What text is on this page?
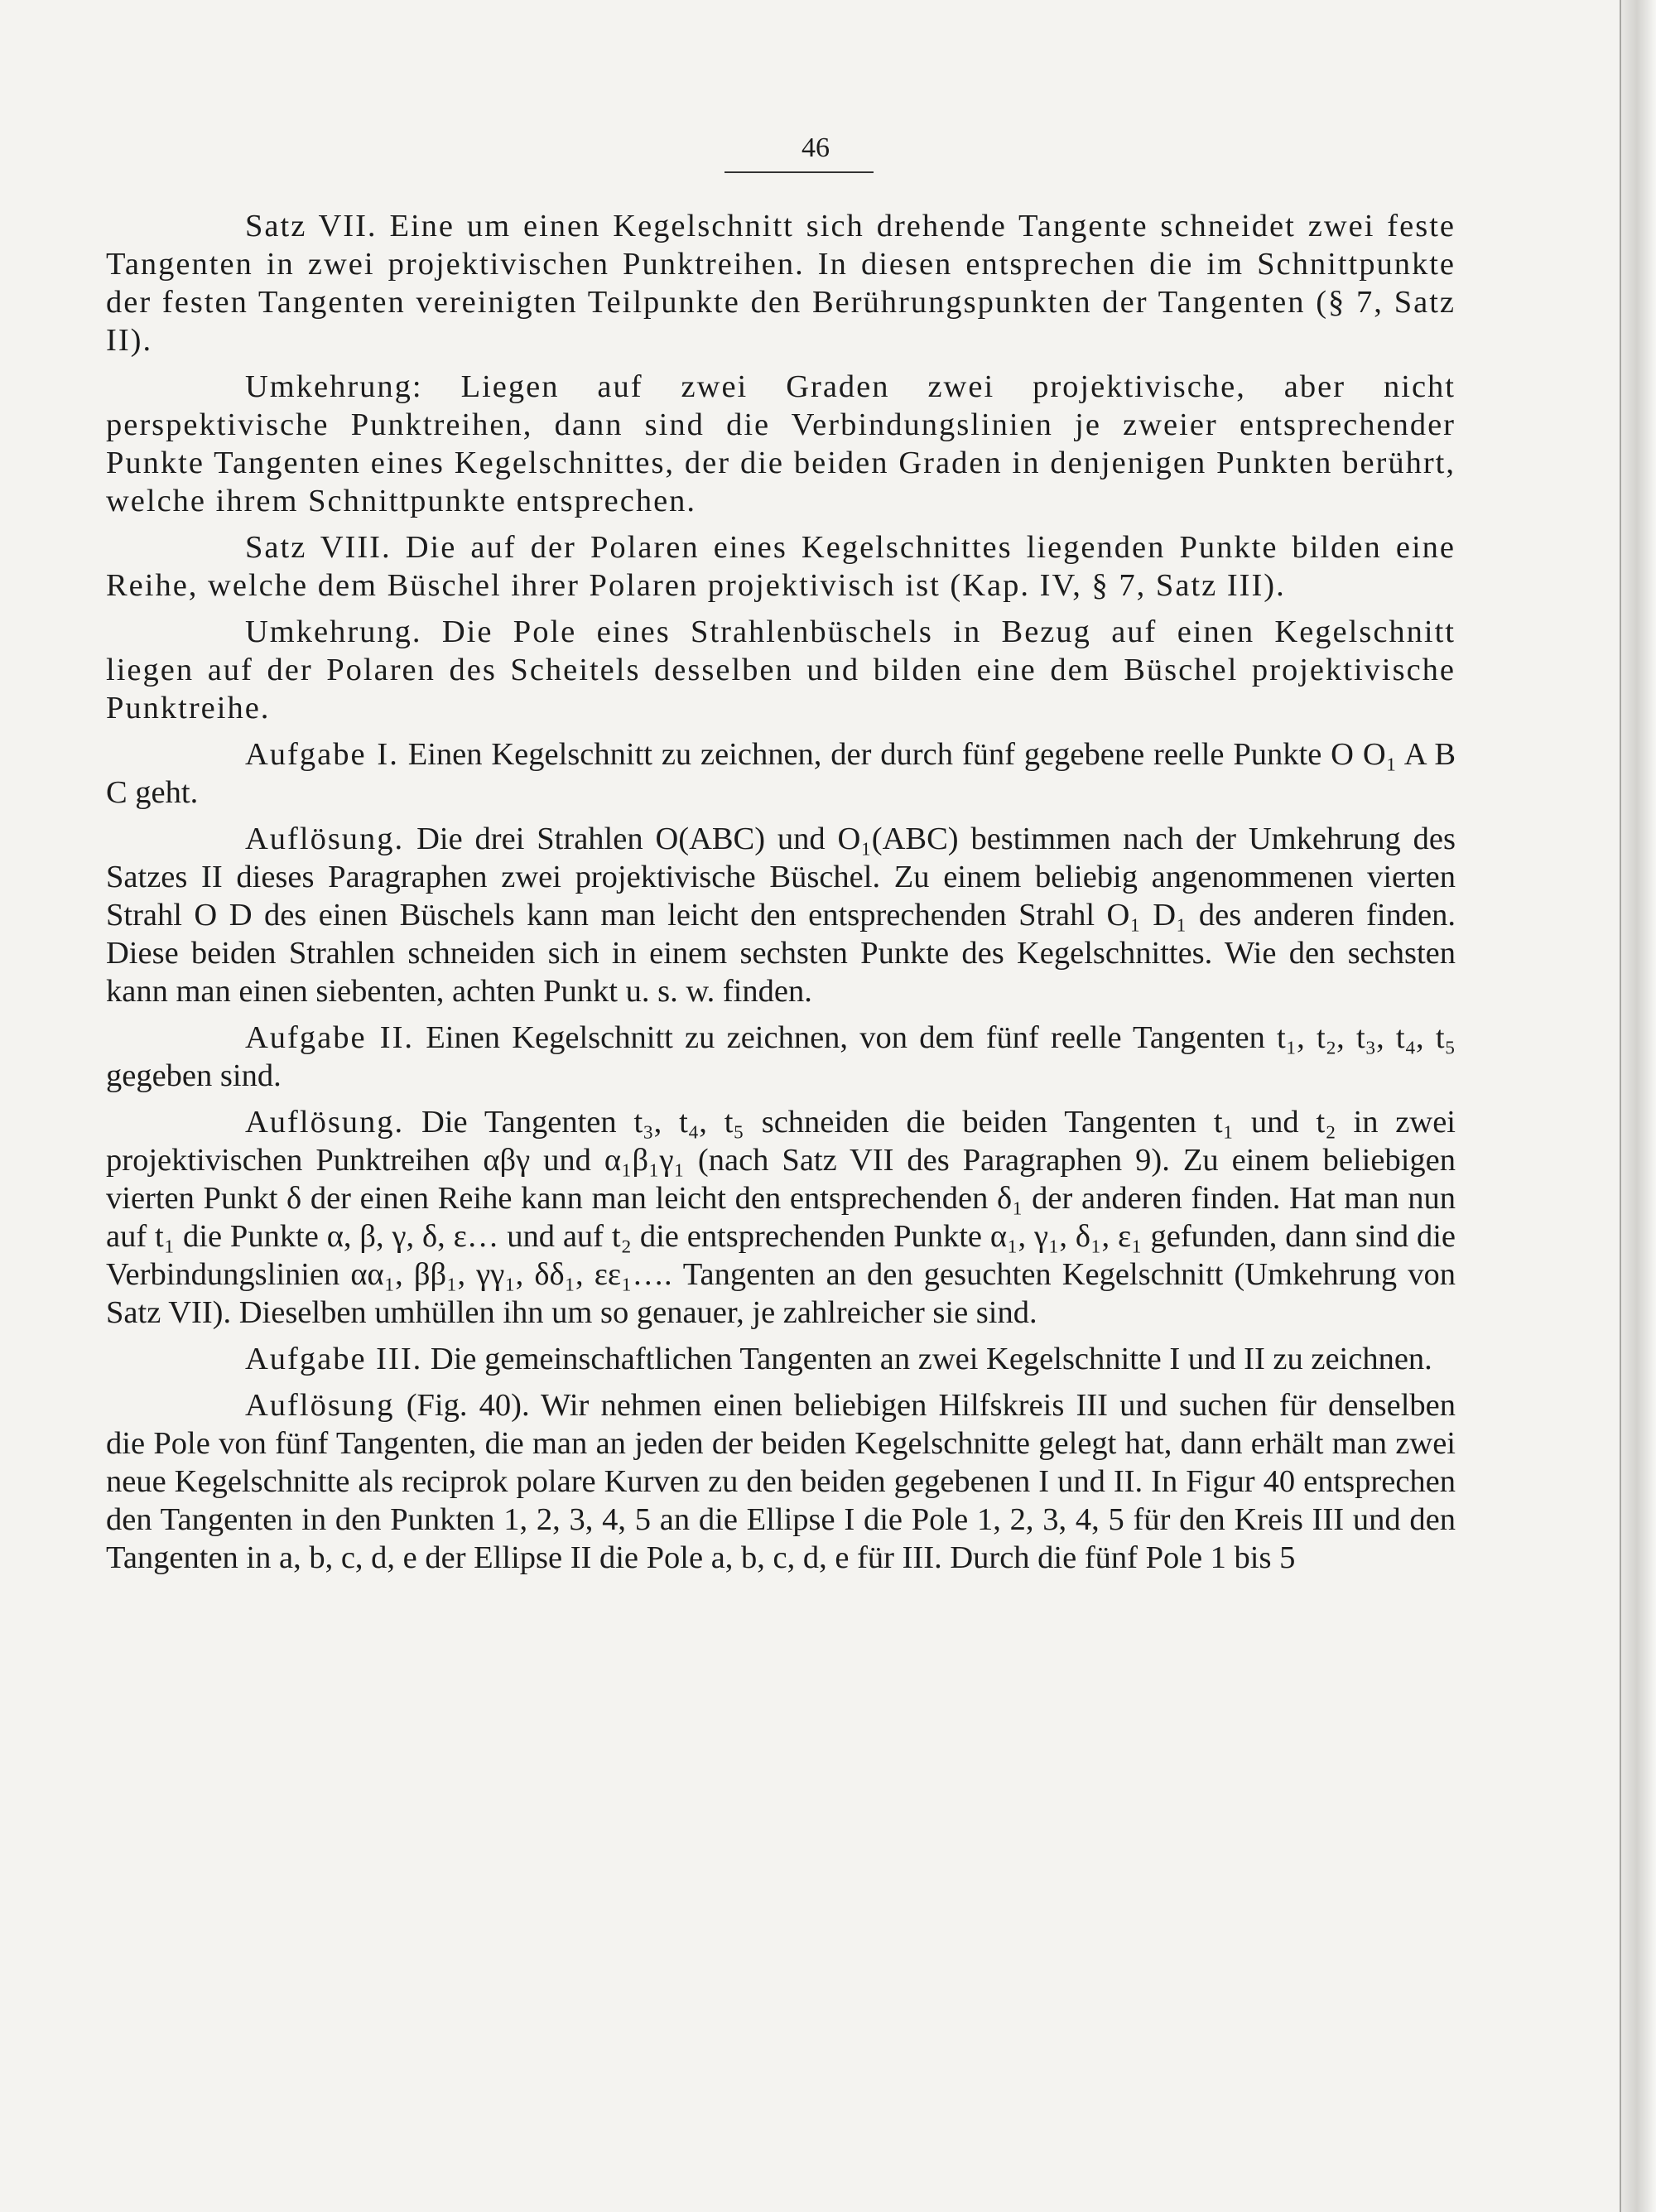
46

Satz VII. Eine um einen Kegelschnitt sich drehende Tangente schneidet zwei feste Tangenten in zwei projektivischen Punktreihen. In diesen entsprechen die im Schnittpunkte der festen Tangenten vereinigten Teilpunkte den Berührungspunkten der Tangenten (§ 7, Satz II).

Umkehrung: Liegen auf zwei Graden zwei projektivische, aber nicht perspektivische Punktreihen, dann sind die Verbindungslinien je zweier entsprechender Punkte Tangenten eines Kegelschnittes, der die beiden Graden in denjenigen Punkten berührt, welche ihrem Schnittpunkte entsprechen.

Satz VIII. Die auf der Polaren eines Kegelschnittes liegenden Punkte bilden eine Reihe, welche dem Büschel ihrer Polaren projektivisch ist (Kap. IV, § 7, Satz III).

Umkehrung. Die Pole eines Strahlenbüschels in Bezug auf einen Kegelschnitt liegen auf der Polaren des Scheitels desselben und bilden eine dem Büschel projektivische Punktreihe.

Aufgabe I. Einen Kegelschnitt zu zeichnen, der durch fünf gegebene reelle Punkte O O₁ A B C geht.

Auflösung. Die drei Strahlen O(ABC) und O₁(ABC) bestimmen nach der Umkehrung des Satzes II dieses Paragraphen zwei projektivische Büschel. Zu einem beliebig angenommenen vierten Strahl O D des einen Büschels kann man leicht den entsprechenden Strahl O₁ D₁ des anderen finden. Diese beiden Strahlen schneiden sich in einem sechsten Punkte des Kegelschnittes. Wie den sechsten kann man einen siebenten, achten Punkt u. s. w. finden.

Aufgabe II. Einen Kegelschnitt zu zeichnen, von dem fünf reelle Tangenten t₁, t₂, t₃, t₄, t₅ gegeben sind.

Auflösung. Die Tangenten t₃, t₄, t₅ schneiden die beiden Tangenten t₁ und t₂ in zwei projektivischen Punktreihen αβγ und α₁β₁γ₁ (nach Satz VII des Paragraphen 9). Zu einem beliebigen vierten Punkt δ der einen Reihe kann man leicht den entsprechenden δ₁ der anderen finden. Hat man nun auf t₁ die Punkte α, β, γ, δ, ε… und auf t₂ die entsprechenden Punkte α₁, γ₁, δ₁, ε₁ gefunden, dann sind die Verbindungslinien αα₁, ββ₁, γγ₁, δδ₁, εε₁…. Tangenten an den gesuchten Kegelschnitt (Umkehrung von Satz VII). Dieselben umhüllen ihn um so genauer, je zahlreicher sie sind.

Aufgabe III. Die gemeinschaftlichen Tangenten an zwei Kegelschnitte I und II zu zeichnen.

Auflösung (Fig. 40). Wir nehmen einen beliebigen Hilfskreis III und suchen für denselben die Pole von fünf Tangenten, die man an jeden der beiden Kegelschnitte gelegt hat, dann erhält man zwei neue Kegelschnitte als reciprok polare Kurven zu den beiden gegebenen I und II. In Figur 40 entsprechen den Tangenten in den Punkten 1, 2, 3, 4, 5 an die Ellipse I die Pole 1, 2, 3, 4, 5 für den Kreis III und den Tangenten in a, b, c, d, e der Ellipse II die Pole a, b, c, d, e für III. Durch die fünf Pole 1 bis 5
